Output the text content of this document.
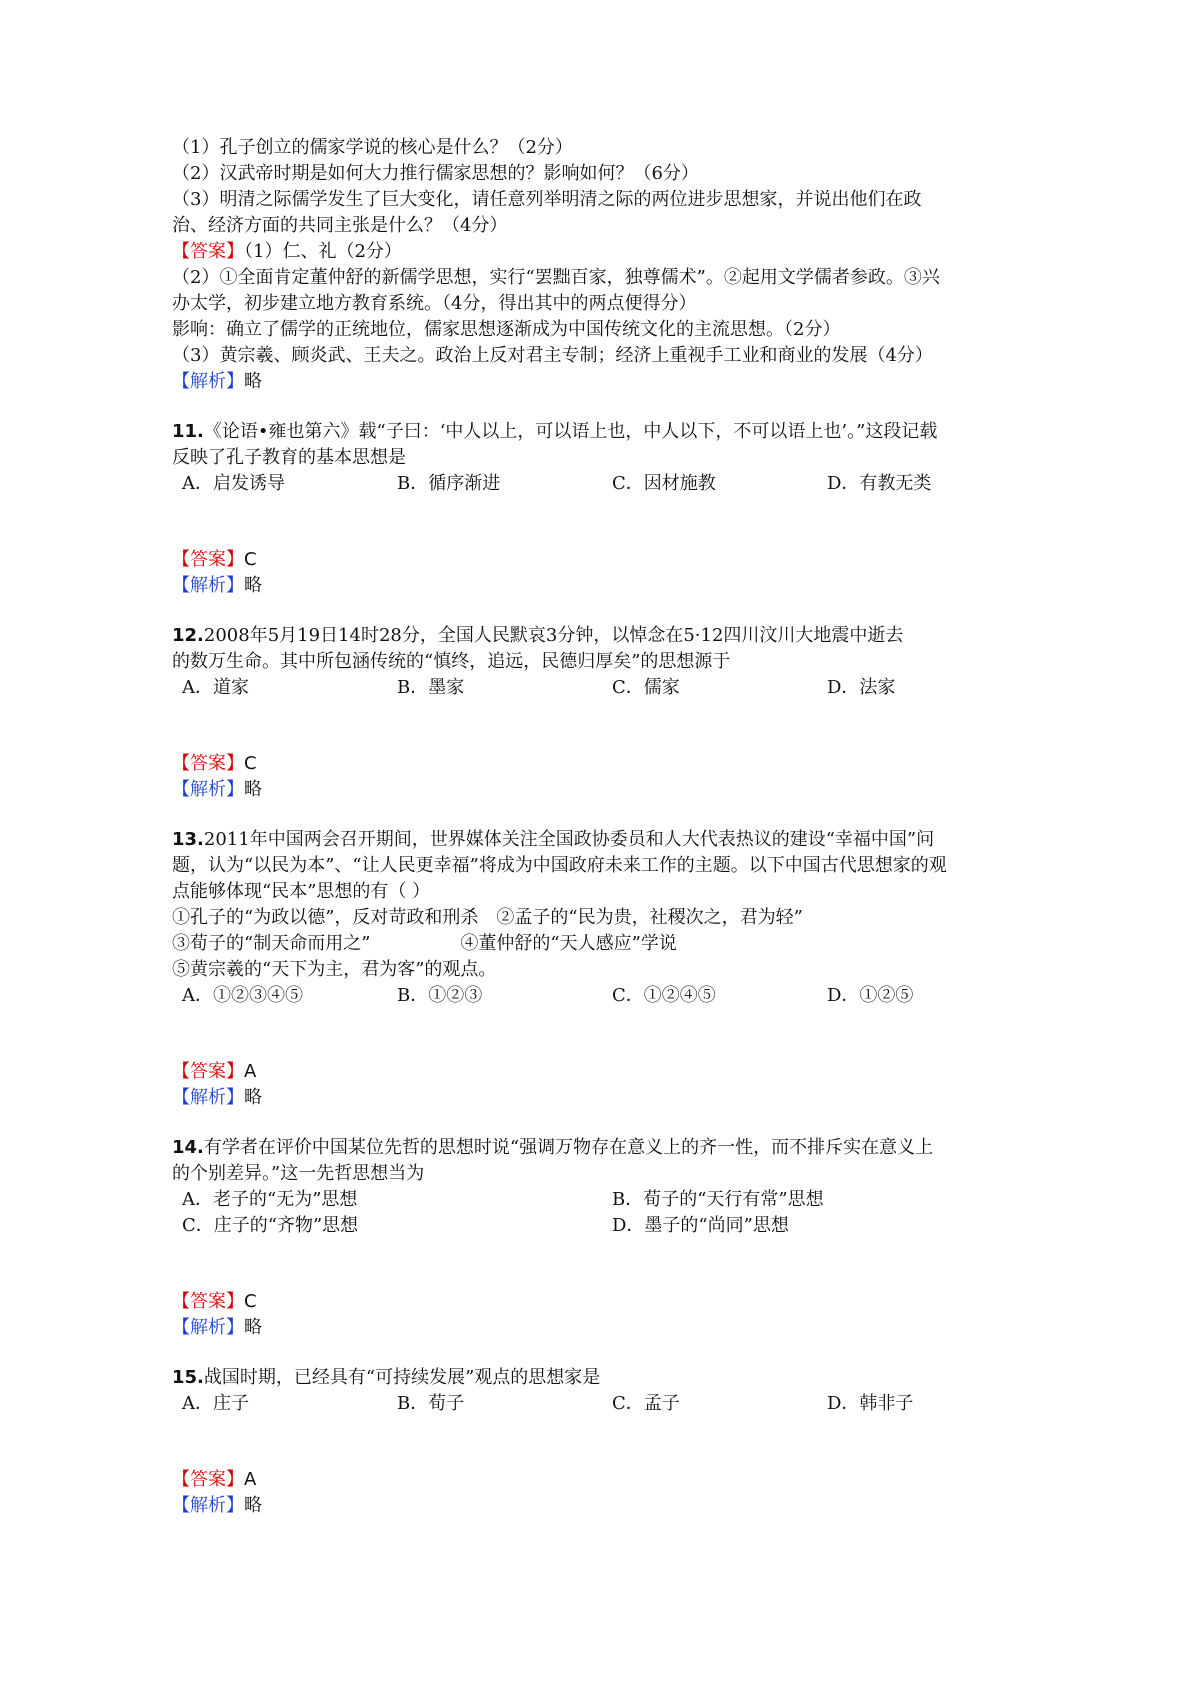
（1）孔子创立的儒家学说的核心是什么？（2分）
（2）汉武帝时期是如何大力推行儒家思想的？影响如何？（6分）
（3）明清之际儒学发生了巨大变化，请任意列举明清之际的两位进步思想家，并说出他们在政
治、经济方面的共同主张是什么？（4分）
【答案】（1）仁、礼（2分）
（2）①全面肯定董仲舒的新儒学思想，实行“罢黜百家，独尊儒术”。②起用文学儒者参政。③兴
办太学，初步建立地方教育系统。（4分，得出其中的两点便得分）
影响：确立了儒学的正统地位，儒家思想逐渐成为中国传统文化的主流思想。（2分）
（3）黄宗羲、顾炎武、王夫之。政治上反对君主专制；经济上重视手工业和商业的发展（4分）
【解析】略
11.《论语•雍也第六》载“子曰：‘中人以上，可以语上也，中人以下，不可以语上也’。”这段记载
反映了孔子教育的基本思想是
A．启发诱导	B．循序渐进	C．因材施教	D．有教无类
【答案】C
【解析】略
12.2008年5月19日14时28分，全国人民默哀3分钟，以悼念在5·12四川汶川大地震中逝去
的数万生命。其中所包涵传统的“慎终，追远，民德归厚矣”的思想源于
A．道家	B．墨家	C．儒家	D．法家
【答案】C
【解析】略
13.2011年中国两会召开期间，世界媒体关注全国政协委员和人大代表热议的建设“幸福中国”问
题，认为“以民为本”、“让人民更幸福”将成为中国政府未来工作的主题。以下中国古代思想家的观
点能够体现“民本”思想的有（ ）
①孔子的“为政以德”，反对苛政和刑杀　②孟子的“民为贵，社稷次之，君为轻”
③荀子的“制天命而用之”　　　　　④董仲舒的“天人感应”学说
⑤黄宗羲的“天下为主，君为客”的观点。
A．①②③④⑤	B．①②③	C．①②④⑤	D．①②⑤
【答案】A
【解析】略
14.有学者在评价中国某位先哲的思想时说“强调万物存在意义上的齐一性，而不排斥实在意义上
的个别差异。”这一先哲思想当为
A．老子的“无为”思想	B．荀子的“天行有常”思想
C．庄子的“齐物”思想	D．墨子的“尚同”思想
【答案】C
【解析】略
15.战国时期，已经具有“可持续发展”观点的思想家是
A．庄子	B．荀子	C．孟子	D．韩非子
【答案】A
【解析】略
